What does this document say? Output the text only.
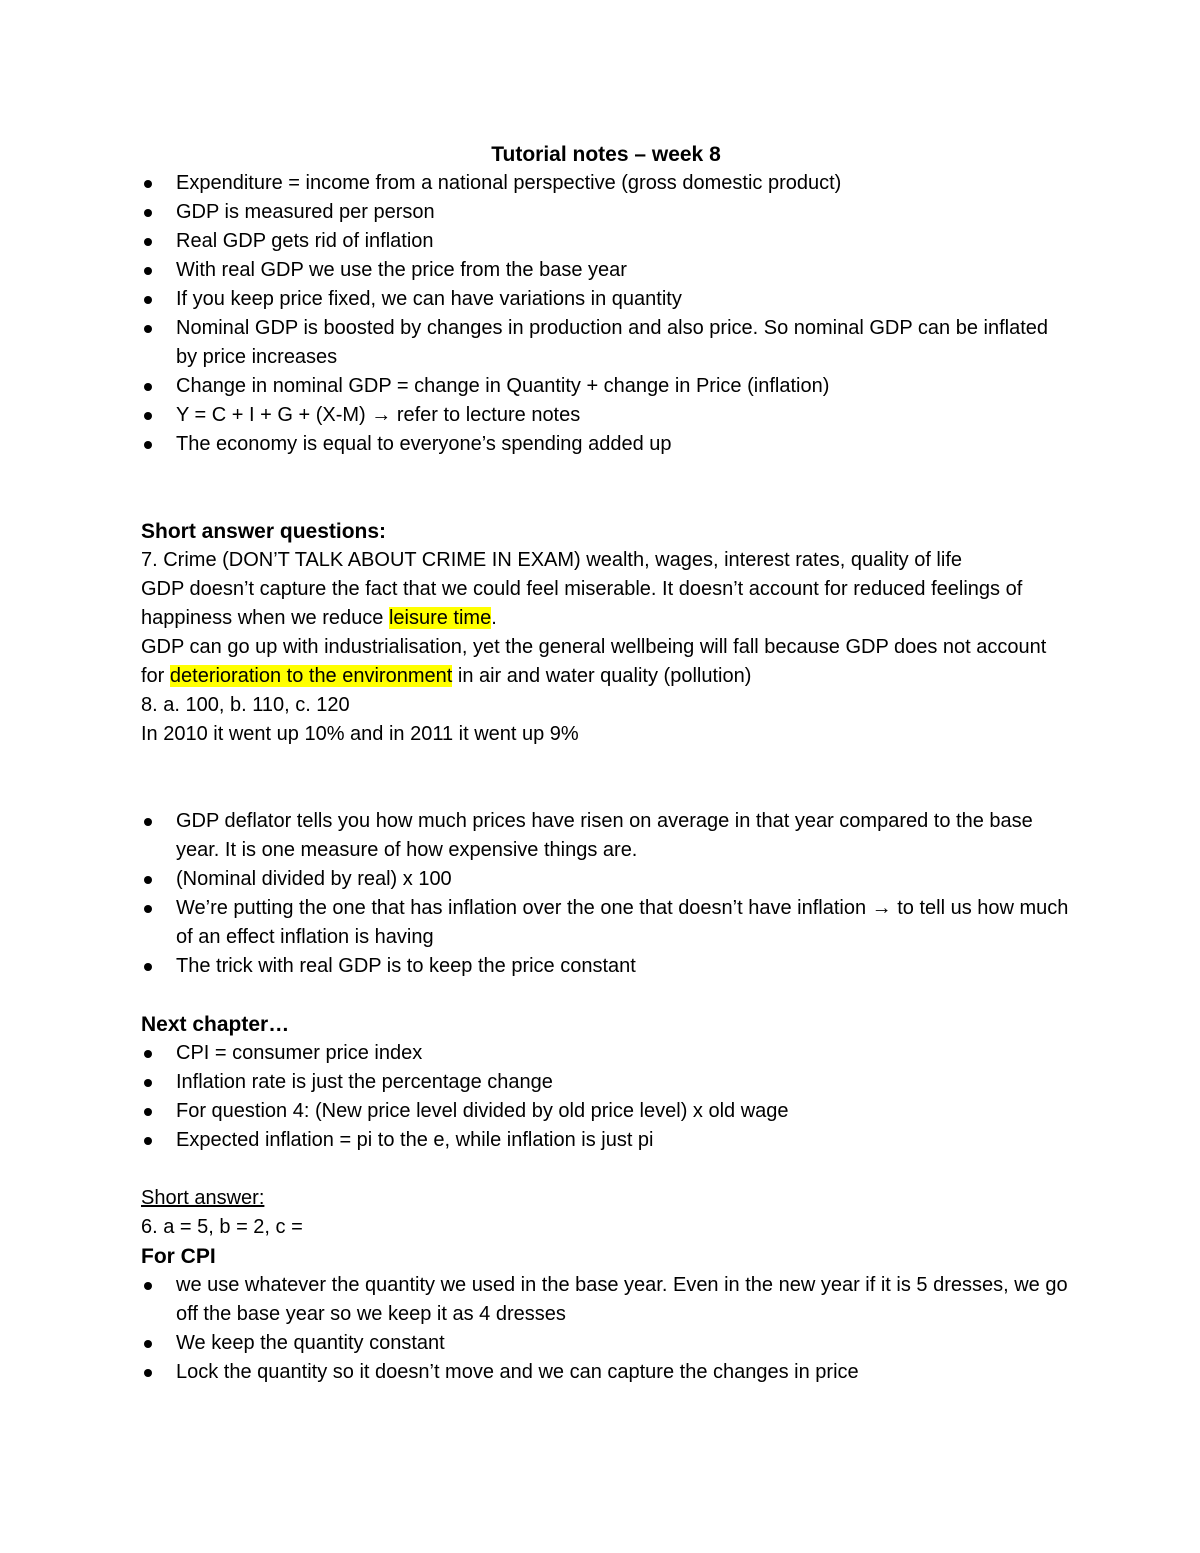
Tutorial notes – week 8

Expenditure = income from a national perspective (gross domestic product)
GDP is measured per person
Real GDP gets rid of inflation
With real GDP we use the price from the base year
If you keep price fixed, we can have variations in quantity
Nominal GDP is boosted by changes in production and also price. So nominal GDP can be inflated by price increases
Change in nominal GDP = change in Quantity + change in Price (inflation)
Y = C + I + G + (X-M) → refer to lecture notes
The economy is equal to everyone’s spending added up

Short answer questions:

7. Crime (DON’T TALK ABOUT CRIME IN EXAM) wealth, wages, interest rates, quality of life

GDP doesn’t capture the fact that we could feel miserable. It doesn’t account for reduced feelings of happiness when we reduce leisure time.

GDP can go up with industrialisation, yet the general wellbeing will fall because GDP does not account for deterioration to the environment in air and water quality (pollution)

8. a. 100, b. 110, c. 120

In 2010 it went up 10% and in 2011 it went up 9%

GDP deflator tells you how much prices have risen on average in that year compared to the base year. It is one measure of how expensive things are.
(Nominal divided by real) x 100
We’re putting the one that has inflation over the one that doesn’t have inflation → to tell us how much of an effect inflation is having
The trick with real GDP is to keep the price constant

Next chapter…

CPI = consumer price index
Inflation rate is just the percentage change
For question 4: (New price level divided by old price level) x old wage
Expected inflation = pi to the e, while inflation is just pi

Short answer:

6. a = 5, b = 2, c =

For CPI

we use whatever the quantity we used in the base year. Even in the new year if it is 5 dresses, we go off the base year so we keep it as 4 dresses
We keep the quantity constant
Lock the quantity so it doesn’t move and we can capture the changes in price
